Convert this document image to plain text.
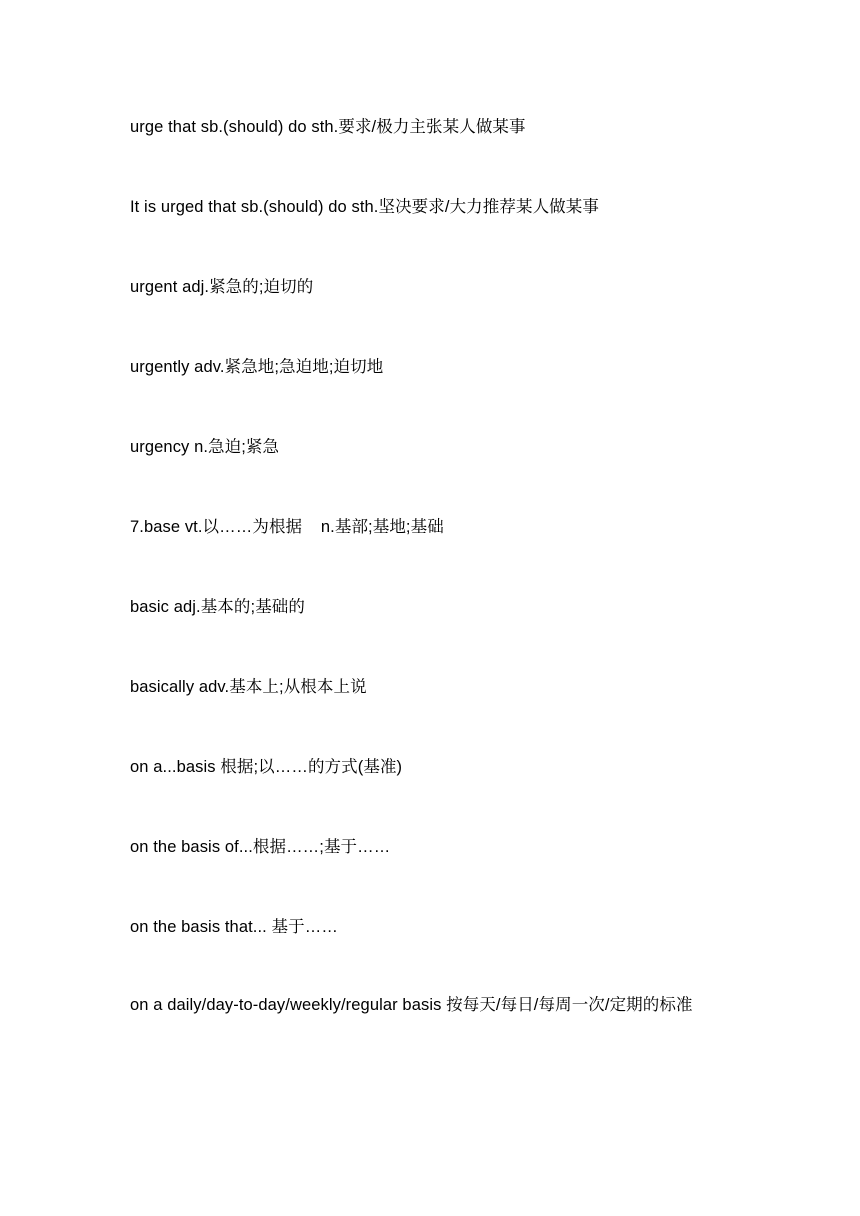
urge that sb.(should) do sth.要求/极力主张某人做某事
It is urged that sb.(should) do sth.坚决要求/大力推荐某人做某事
urgent adj.紧急的;迫切的
urgently adv.紧急地;急迫地;迫切地
urgency n.急迫;紧急
7.base vt.以……为根据    n.基部;基地;基础
basic adj.基本的;基础的
basically adv.基本上;从根本上说
on a...basis 根据;以……的方式(基准)
on the basis of...根据……;基于……
on the basis that... 基于……
on a daily/day-to-day/weekly/regular basis 按每天/每日/每周一次/定期的标准
